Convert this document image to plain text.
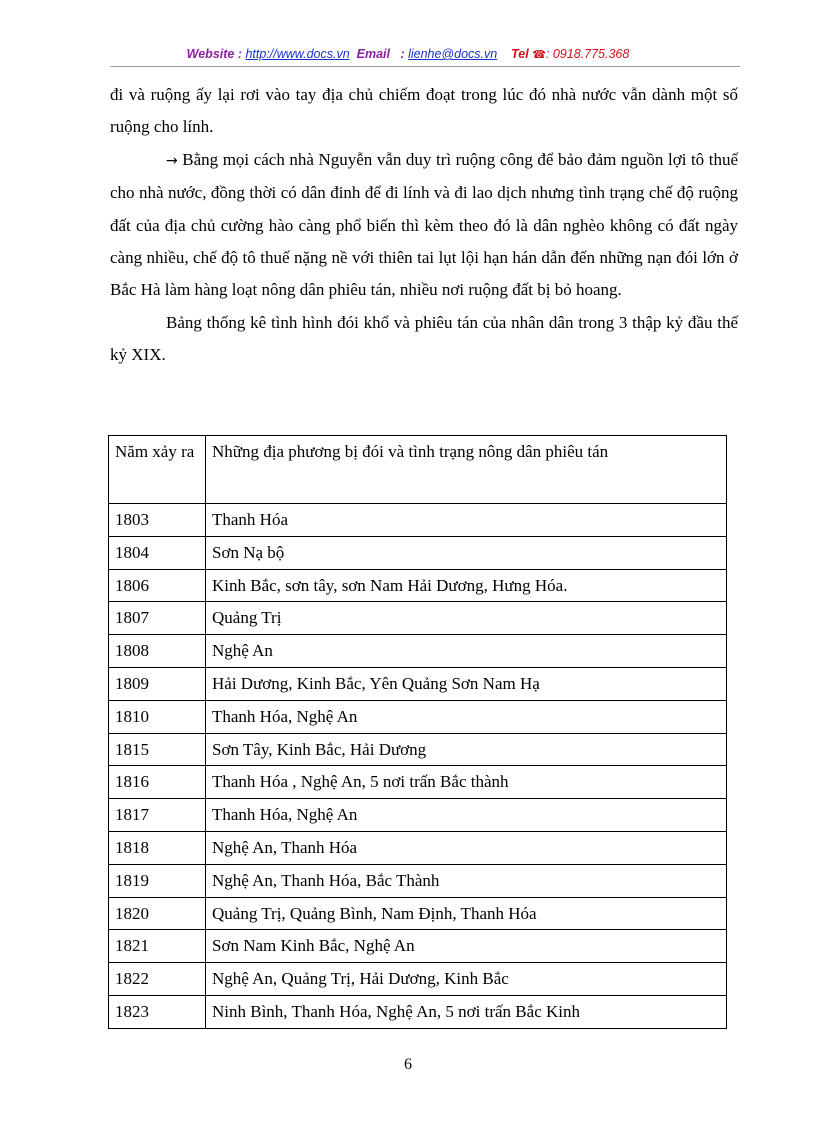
Website : http://www.docs.vn Email   : lienhe@docs.vn Tel ☎: 0918.775.368

đi và ruộng ấy lại rơi vào tay địa chủ chiếm đoạt trong lúc đó nhà nước vẫn dành một số ruộng cho lính.

→ Bằng mọi cách nhà Nguyễn vẫn duy trì ruộng công để bảo đảm nguồn lợi tô thuế cho nhà nước, đồng thời có dân đinh để đi lính và đi lao dịch nhưng tình trạng chế độ ruộng đất của địa chủ cường hào càng phổ biến thì kèm theo đó là dân nghèo không có đất ngày càng nhiều, chế độ tô thuế nặng nề với thiên tai lụt lội hạn hán dẫn đến những nạn đói lớn ở Bắc Hà làm hàng loạt nông dân phiêu tán, nhiều nơi ruộng đất bị bỏ hoang.

Bảng thống kê tình hình đói khổ và phiêu tán của nhân dân trong 3 thập kỷ đầu thế kỷ XIX.

Năm xảy ra	Những địa phương bị đói và tình trạng nông dân phiêu tán
1803	Thanh Hóa
1804	Sơn Nạ bộ
1806	Kinh Bắc, sơn tây, sơn Nam Hải Dương, Hưng Hóa.
1807	Quảng Trị
1808	Nghệ An
1809	Hải Dương, Kinh Bắc, Yên Quảng Sơn Nam Hạ
1810	Thanh Hóa, Nghệ An
1815	Sơn Tây, Kinh Bắc, Hải Dương
1816	Thanh Hóa , Nghệ An, 5 nơi trấn Bắc thành
1817	Thanh Hóa, Nghệ An
1818	Nghệ An, Thanh Hóa
1819	Nghệ An, Thanh Hóa, Bắc Thành
1820	Quảng Trị, Quảng Bình, Nam Định, Thanh Hóa
1821	Sơn Nam Kinh Bắc, Nghệ An
1822	Nghệ An, Quảng Trị, Hải Dương, Kinh Bắc
1823	Ninh Bình, Thanh Hóa, Nghệ An, 5 nơi trấn Bắc Kinh
6
